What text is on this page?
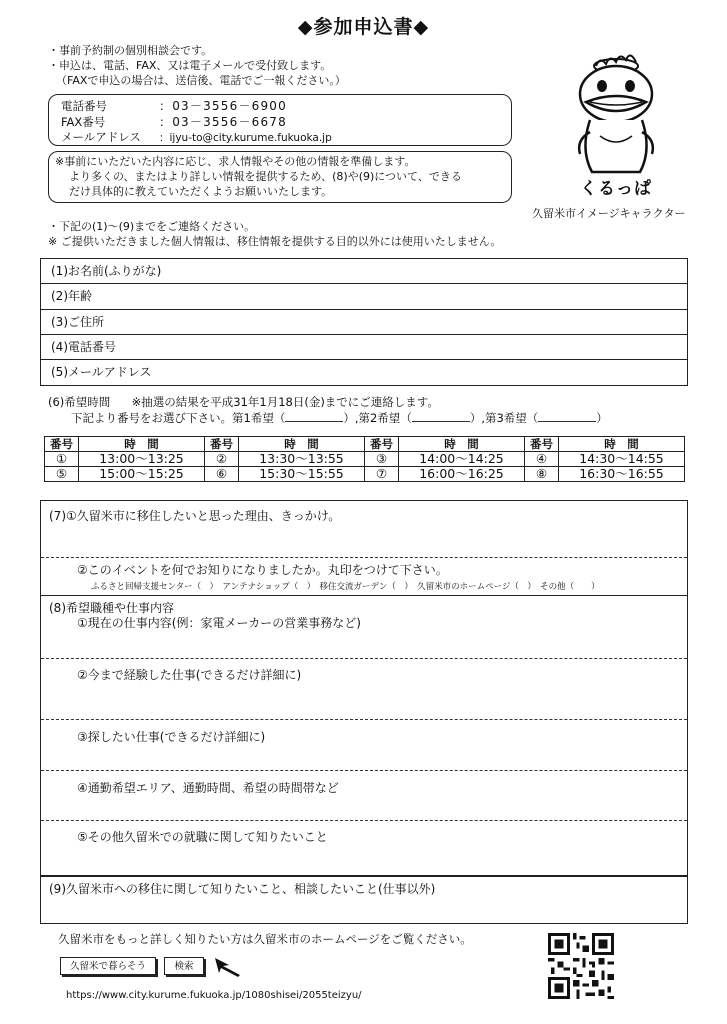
◆参加申込書◆
・事前予約制の個別相談会です。
・申込は、電話、FAX、又は電子メールで受付致します。
（FAXで申込の場合は、送信後、電話でご一報ください。）
電話番号	：03－3556－6900
FAX番号	：03－3556－6678
メールアドレス ：ijyu-to@city.kurume.fukuoka.jp
※事前にいただいた内容に応じ、求人情報やその他の情報を準備します。
より多くの、またはより詳しい情報を提供するため、(8)や(9)について、できる
だけ具体的に教えていただくようお願いいたします。	くるっぱ
久留米市イメージキャラクター
・下記の(1)～(9)までをご連絡ください。
※ ご提供いただきました個人情報は、移住情報を提供する目的以外には使用いたしません。
(1)お名前(ふりがな)
(2)年齢
(3)ご住所
(4)電話番号
(5)メールアドレス
(6)希望時間 ※抽選の結果を平成31年1月18日(金)までにご連絡します。
下記より番号をお選び下さい。第1希望（	）,第2希望（	）,第3希望（	）
番号	時　間	番号	時　間	番号	時　間	番号	時　間
①	13:00～13:25	②	13:30～13:55	③	14:00～14:25	④	14:30～14:55
⑤	15:00～15:25	⑥	15:30～15:55	⑦	16:00～16:25	⑧	16:30～16:55
(7)①久留米市に移住したいと思った理由、きっかけ。
②このイベントを何でお知りになりましたか。丸印をつけて下さい。
ふるさと回帰支援センター（　）　アンテナショップ（　）　移住交流ガーデン（　）　久留米市のホームページ（　）　その他（　　）
(8)希望職種や仕事内容
①現在の仕事内容(例：家電メーカーの営業事務など)
②今まで経験した仕事(できるだけ詳細に)
③探したい仕事(できるだけ詳細に)
④通勤希望エリア、通勤時間、希望の時間帯など
⑤その他久留米での就職に関して知りたいこと
(9)久留米市への移住に関して知りたいこと、相談したいこと(仕事以外)
久留米市をもっと詳しく知りたい方は久留米市のホームページをご覧ください。
久留米で暮らそう	検索
https://www.city.kurume.fukuoka.jp/1080shisei/2055teizyu/
